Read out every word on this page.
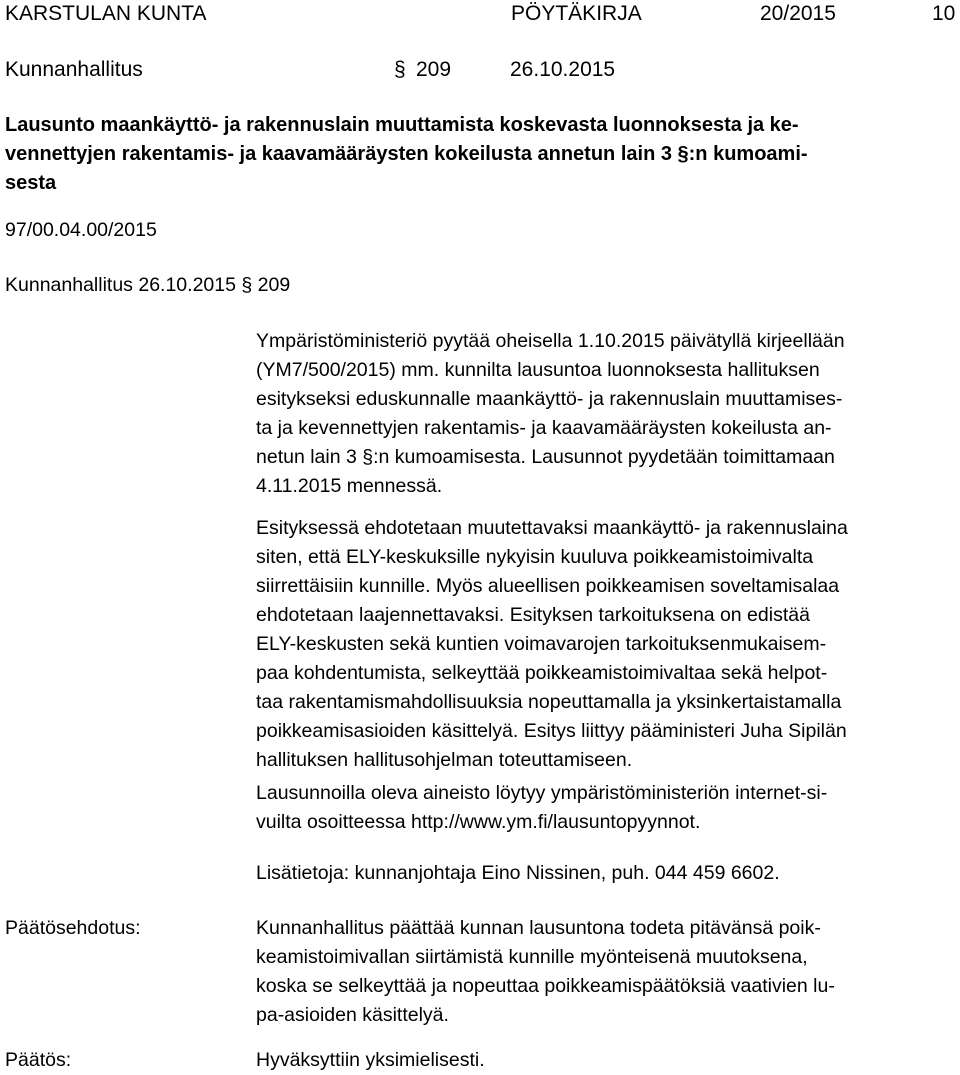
KARSTULAN KUNTA	PÖYTÄKIRJA	20/2015	10
Kunnanhallitus	§ 209	26.10.2015
Lausunto maankäyttö- ja rakennuslain muuttamista koskevasta luonnoksesta ja ke-
vennettyjen rakentamis- ja kaavamääräysten kokeilusta annetun lain 3 §:n kumoami-
sesta
97/00.04.00/2015
Kunnanhallitus 26.10.2015 § 209
Ympäristöministeriö pyytää oheisella 1.10.2015 päivätyllä kirjeellään
(YM7/500/2015) mm. kunnilta lausuntoa luonnoksesta hallituksen
esitykseksi eduskunnalle maankäyttö- ja rakennuslain muuttamises-
ta ja kevennettyjen rakentamis- ja kaavamääräysten kokeilusta an-
netun lain 3 §:n kumoamisesta. Lausunnot pyydetään toimittamaan
4.11.2015 mennessä.
Esityksessä ehdotetaan muutettavaksi maankäyttö- ja rakennuslaina
siten, että ELY-keskuksille nykyisin kuuluva poikkeamistoimivalta
siirrettäisiin kunnille. Myös alueellisen poikkeamisen soveltamisalaa
ehdotetaan laajennettavaksi. Esityksen tarkoituksena on edistää
ELY-keskusten sekä kuntien voimavarojen tarkoituksenmukaisem-
paa kohdentumista, selkeyttää poikkeamistoimivaltaa sekä helpot-
taa rakentamismahdollisuuksia nopeuttamalla ja yksinkertaistamalla
poikkeamisasioiden käsittelyä. Esitys liittyy pääministeri Juha Sipilän
hallituksen hallitusohjelman toteuttamiseen.
Lausunnoilla oleva aineisto löytyy ympäristöministeriön internet-si-
vuilta osoitteessa http://www.ym.fi/lausuntopyynnot.
Lisätietoja: kunnanjohtaja Eino Nissinen, puh. 044 459 6602.
Päätösehdotus:	Kunnanhallitus päättää kunnan lausuntona todeta pitävänsä poik-
keamistoimivallan siirtämistä kunnille myönteisenä muutoksena,
koska se selkeyttää ja nopeuttaa poikkeamispäätöksiä vaativien lu-
pa-asioiden käsittelyä.
Päätös:	Hyväksyttiin yksimielisesti.
